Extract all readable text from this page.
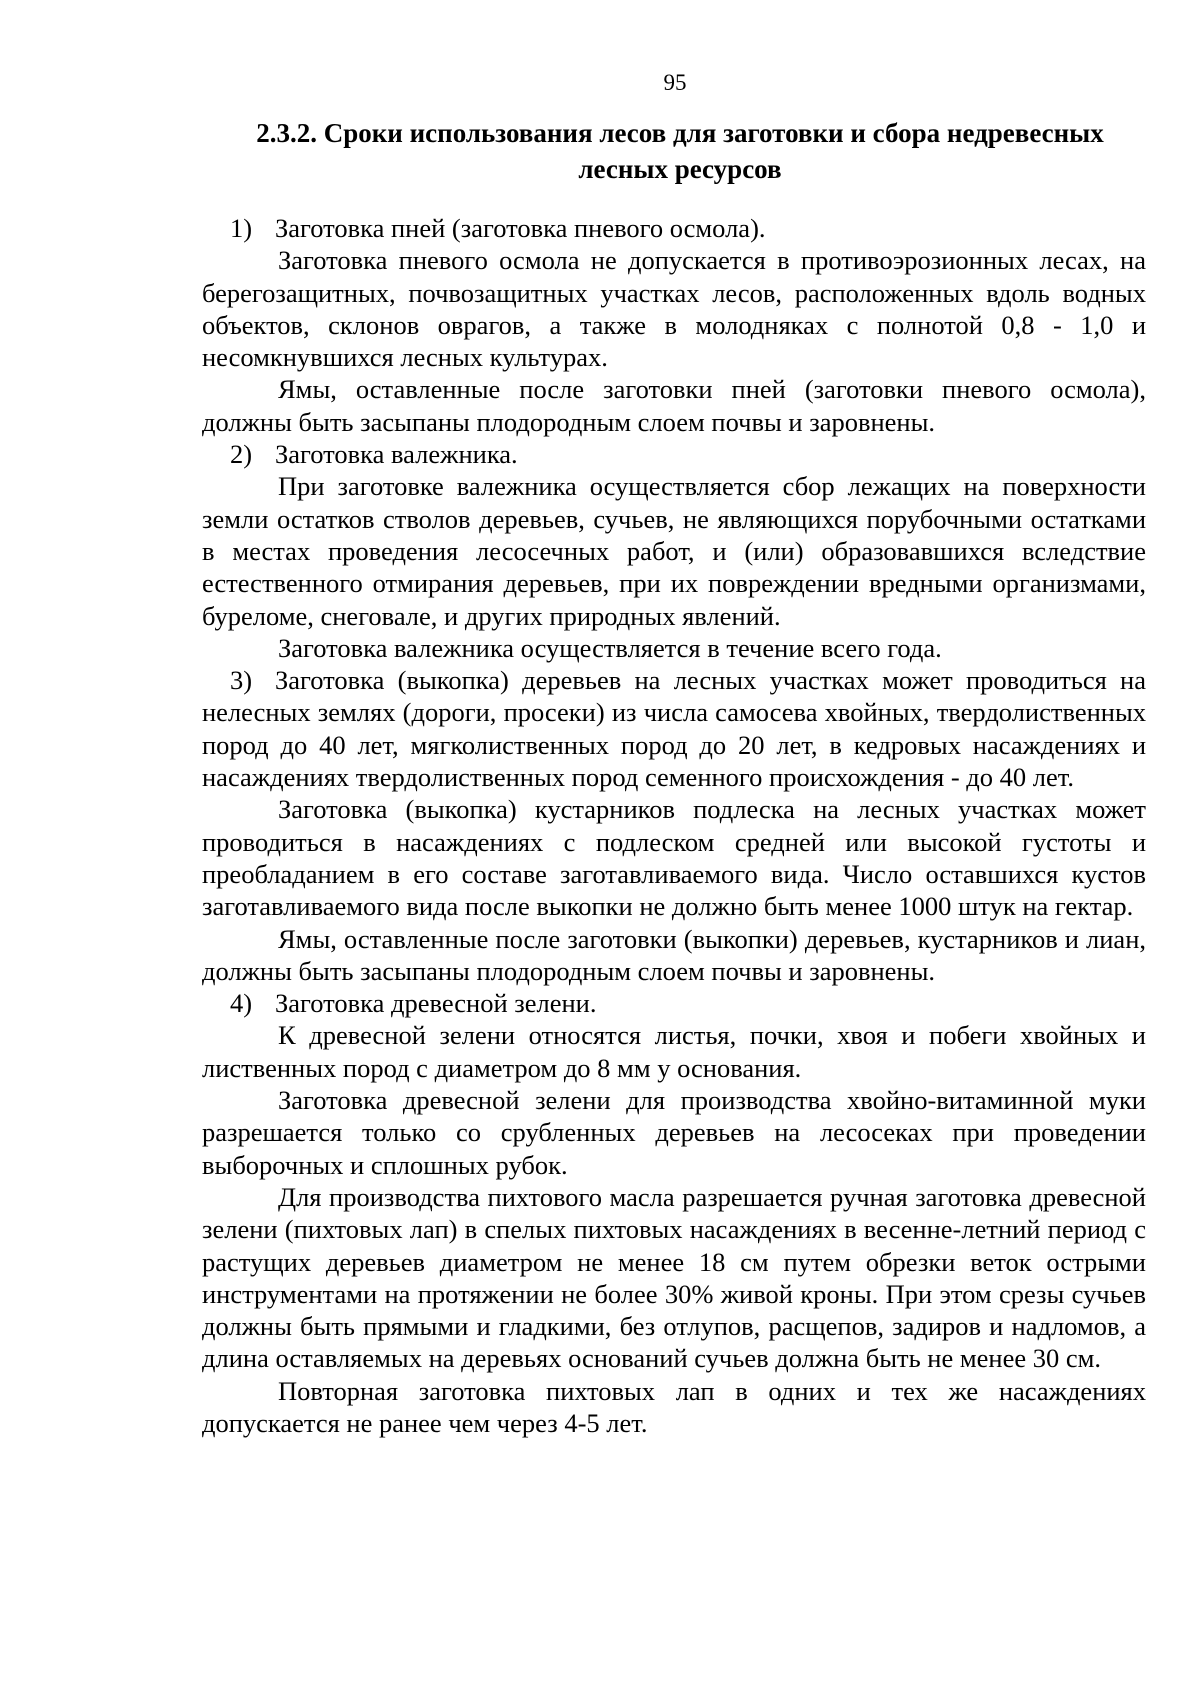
95
2.3.2. Сроки использования лесов для заготовки и сбора недревесных
лесных ресурсов

1) Заготовка пней (заготовка пневого осмола).

Заготовка пневого осмола не допускается в противоэрозионных лесах, на берегозащитных, почвозащитных участках лесов, расположенных вдоль водных объектов, склонов оврагов, а также в молодняках с полнотой 0,8 - 1,0 и несомкнувшихся лесных культурах.

Ямы, оставленные после заготовки пней (заготовки пневого осмола), должны быть засыпаны плодородным слоем почвы и заровнены.

2) Заготовка валежника.

При заготовке валежника осуществляется сбор лежащих на поверхности земли остатков стволов деревьев, сучьев, не являющихся порубочными остатками в местах проведения лесосечных работ, и (или) образовавшихся вследствие естественного отмирания деревьев, при их повреждении вредными организмами, буреломе, снеговале, и других природных явлений.

Заготовка валежника осуществляется в течение всего года.

3) Заготовка (выкопка) деревьев на лесных участках может проводиться на нелесных землях (дороги, просеки) из числа самосева хвойных, твердолиственных пород до 40 лет, мягколиственных пород до 20 лет, в кедровых насаждениях и насаждениях твердолиственных пород семенного происхождения - до 40 лет.

Заготовка (выкопка) кустарников подлеска на лесных участках может проводиться в насаждениях с подлеском средней или высокой густоты и преобладанием в его составе заготавливаемого вида. Число оставшихся кустов заготавливаемого вида после выкопки не должно быть менее 1000 штук на гектар.

Ямы, оставленные после заготовки (выкопки) деревьев, кустарников и лиан, должны быть засыпаны плодородным слоем почвы и заровнены.

4) Заготовка древесной зелени.

К древесной зелени относятся листья, почки, хвоя и побеги хвойных и лиственных пород с диаметром до 8 мм у основания.

Заготовка древесной зелени для производства хвойно-витаминной муки разрешается только со срубленных деревьев на лесосеках при проведении выборочных и сплошных рубок.

Для производства пихтового масла разрешается ручная заготовка древесной зелени (пихтовых лап) в спелых пихтовых насаждениях в весенне-летний период с растущих деревьев диаметром не менее 18 см путем обрезки веток острыми инструментами на протяжении не более 30% живой кроны. При этом срезы сучьев должны быть прямыми и гладкими, без отлупов, расщепов, задиров и надломов, а длина оставляемых на деревьях оснований сучьев должна быть не менее 30 см.

Повторная заготовка пихтовых лап в одних и тех же насаждениях допускается не ранее чем через 4-5 лет.
